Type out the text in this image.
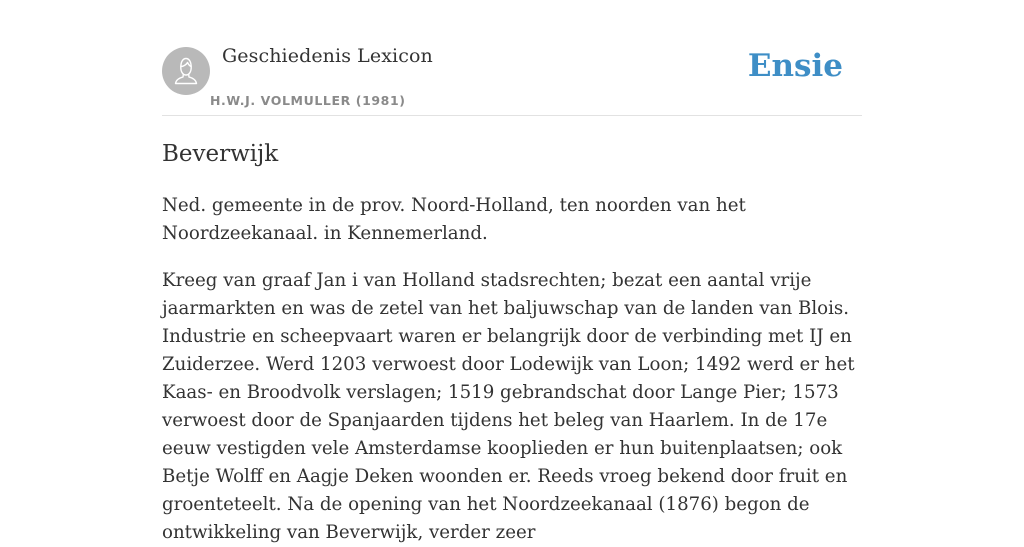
Geschiedenis Lexicon
H.W.J. VOLMULLER (1981)
Ensie
Beverwijk

Ned. gemeente in de prov. Noord-Holland, ten noorden van het Noordzeekanaal. in Kennemerland.

Kreeg van graaf Jan i van Holland stadsrechten; bezat een aantal vrije jaarmarkten en was de zetel van het baljuwschap van de landen van Blois. Industrie en scheepvaart waren er belangrijk door de verbinding met IJ en Zuiderzee. Werd 1203 verwoest door Lodewijk van Loon; 1492 werd er het Kaas- en Broodvolk verslagen; 1519 gebrandschat door Lange Pier; 1573 verwoest door de Spanjaarden tijdens het beleg van Haarlem. In de 17e eeuw vestigden vele Amsterdamse kooplieden er hun buitenplaatsen; ook Betje Wolff en Aagje Deken woonden er. Reeds vroeg bekend door fruit en groenteteelt. Na de opening van het Noordzeekanaal (1876) begon de ontwikkeling van Beverwijk, verder zeer
